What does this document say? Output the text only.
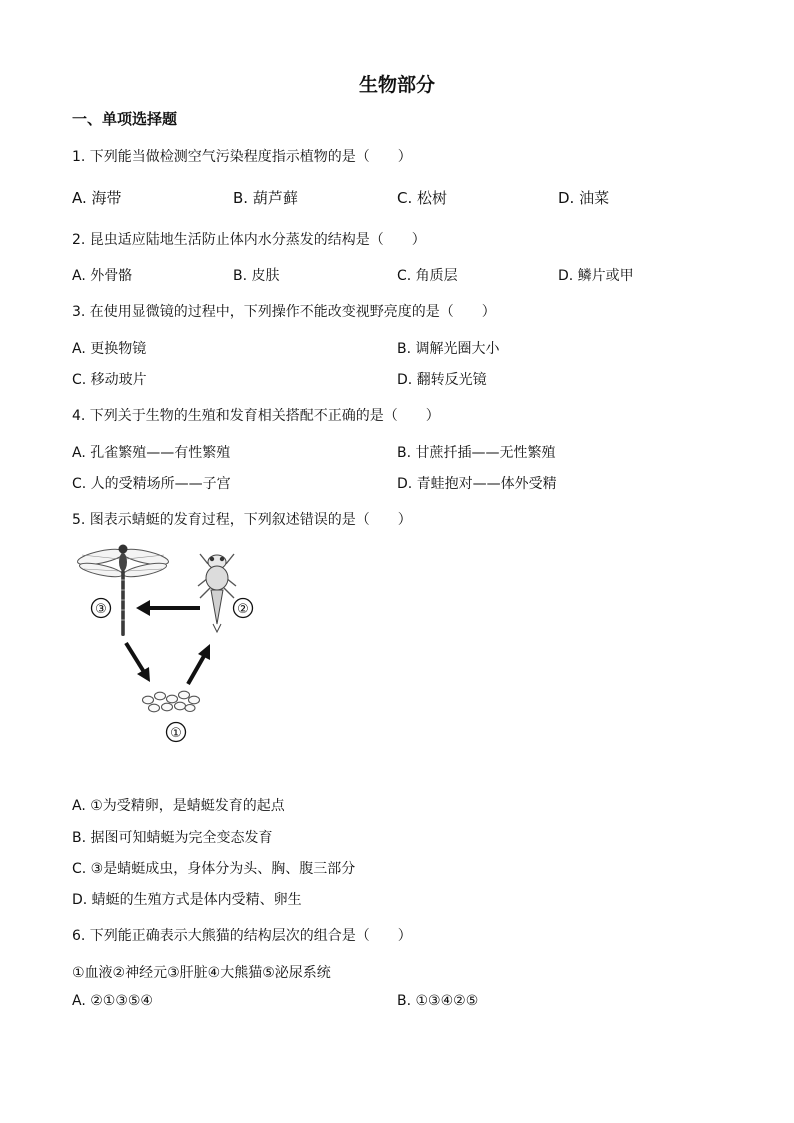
生物部分
一、单项选择题
1. 下列能当做检测空气污染程度指示植物的是（　　）
A. 海带	B. 葫芦藓	C. 松树	D. 油菜
2. 昆虫适应陆地生活防止体内水分蒸发的结构是（　　）
A. 外骨骼	B. 皮肤	C. 角质层	D. 鳞片或甲
3. 在使用显微镜的过程中，下列操作不能改变视野亮度的是（　　）
A. 更换物镜	B. 调解光圈大小
C. 移动玻片	D. 翻转反光镜
4. 下列关于生物的生殖和发育相关搭配不正确的是（　　）
A. 孔雀繁殖——有性繁殖	B. 甘蔗扦插——无性繁殖
C. 人的受精场所——子宫	D. 青蛙抱对——体外受精
5. 图表示蜻蜓的发育过程，下列叙述错误的是（　　）
③	②
①
A. ①为受精卵，是蜻蜓发育的起点
B. 据图可知蜻蜓为完全变态发育
C. ③是蜻蜓成虫，身体分为头、胸、腹三部分
D. 蜻蜓的生殖方式是体内受精、卵生
6. 下列能正确表示大熊猫的结构层次的组合是（　　）
①血液②神经元③肝脏④大熊猫⑤泌尿系统
A. ②①③⑤④	B. ①③④②⑤
